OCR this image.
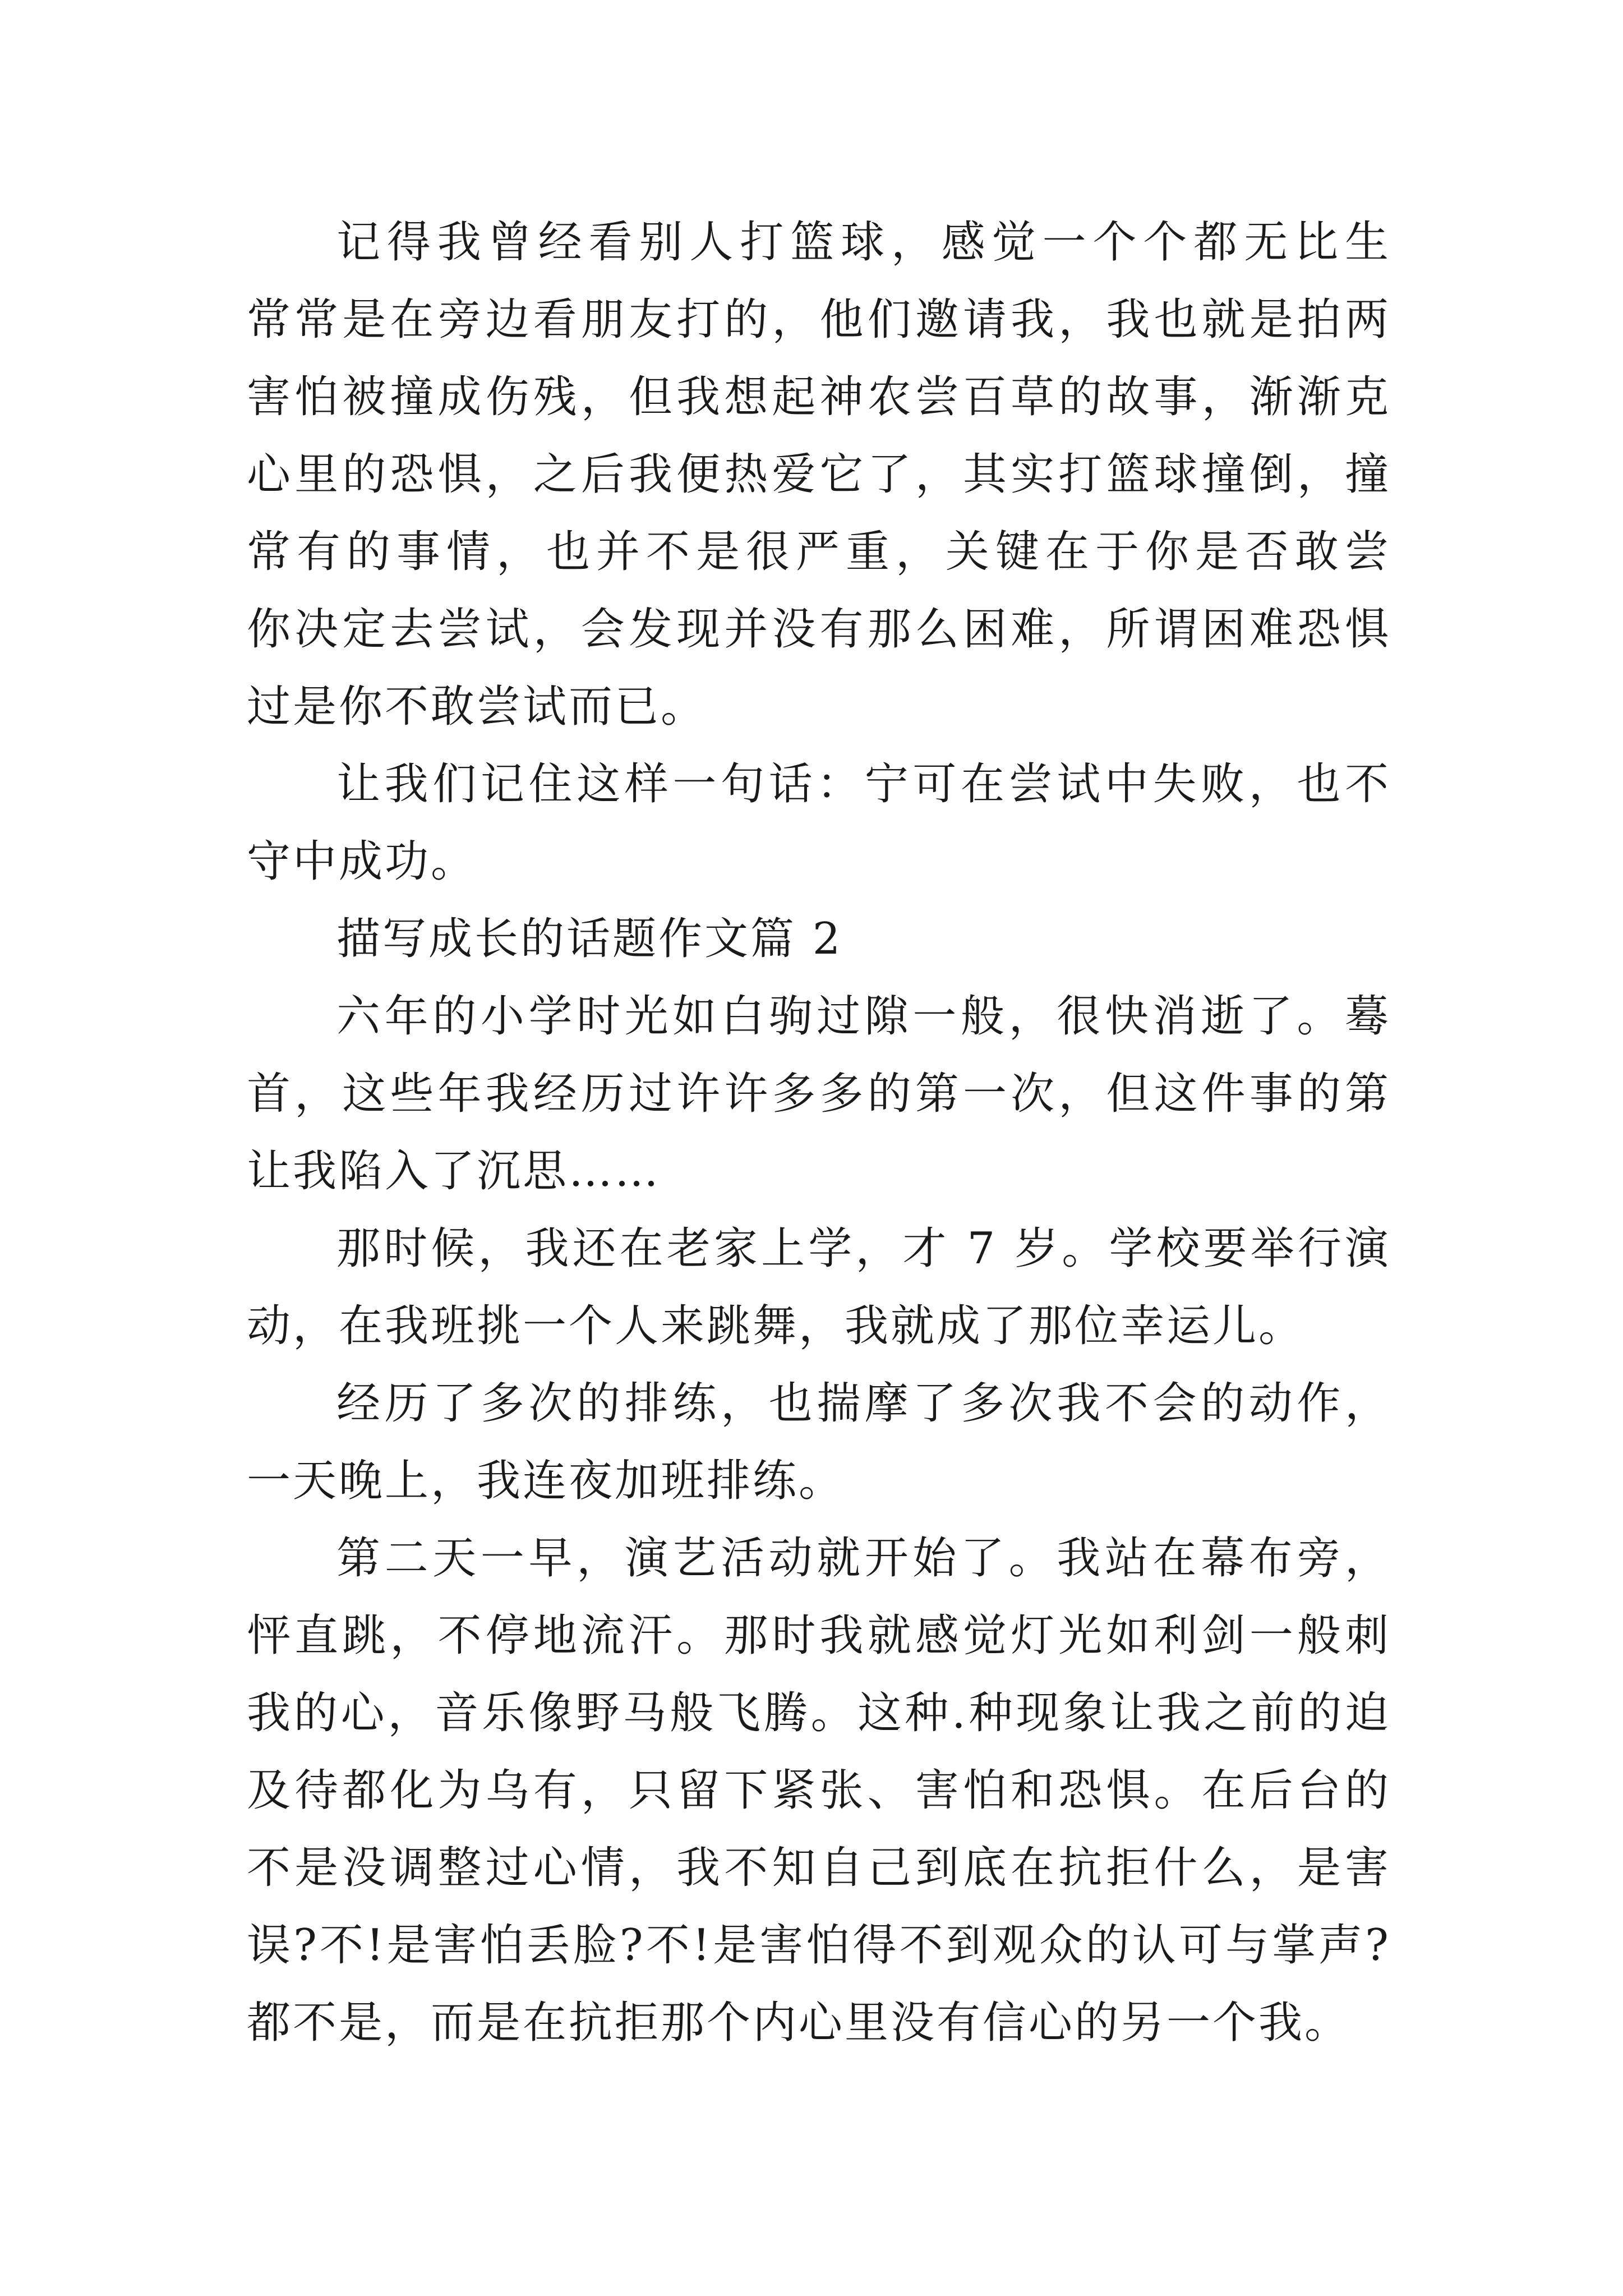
记得我曾经看别人打篮球，感觉一个个都无比生
常常是在旁边看朋友打的，他们邀请我，我也就是拍两
害怕被撞成伤残，但我想起神农尝百草的故事，渐渐克
心里的恐惧，之后我便热爱它了，其实打篮球撞倒，撞
常有的事情，也并不是很严重，关键在于你是否敢尝
你决定去尝试，会发现并没有那么困难，所谓困难恐惧
过是你不敢尝试而已。
让我们记住这样一句话：宁可在尝试中失败，也不
守中成功。
描写成长的话题作文篇 2
六年的小学时光如白驹过隙一般，很快消逝了。蓦
首，这些年我经历过许许多多的第一次，但这件事的第
让我陷入了沉思……
那时候，我还在老家上学，才 7 岁。学校要举行演
动，在我班挑一个人来跳舞，我就成了那位幸运儿。
经历了多次的排练，也揣摩了多次我不会的动作，
一天晚上，我连夜加班排练。
第二天一早，演艺活动就开始了。我站在幕布旁，
怦直跳，不停地流汗。那时我就感觉灯光如利剑一般刺
我的心，音乐像野马般飞腾。这种.种现象让我之前的迫
及待都化为乌有，只留下紧张、害怕和恐惧。在后台的
不是没调整过心情，我不知自己到底在抗拒什么，是害
误?不!是害怕丢脸?不!是害怕得不到观众的认可与掌声?
都不是，而是在抗拒那个内心里没有信心的另一个我。
